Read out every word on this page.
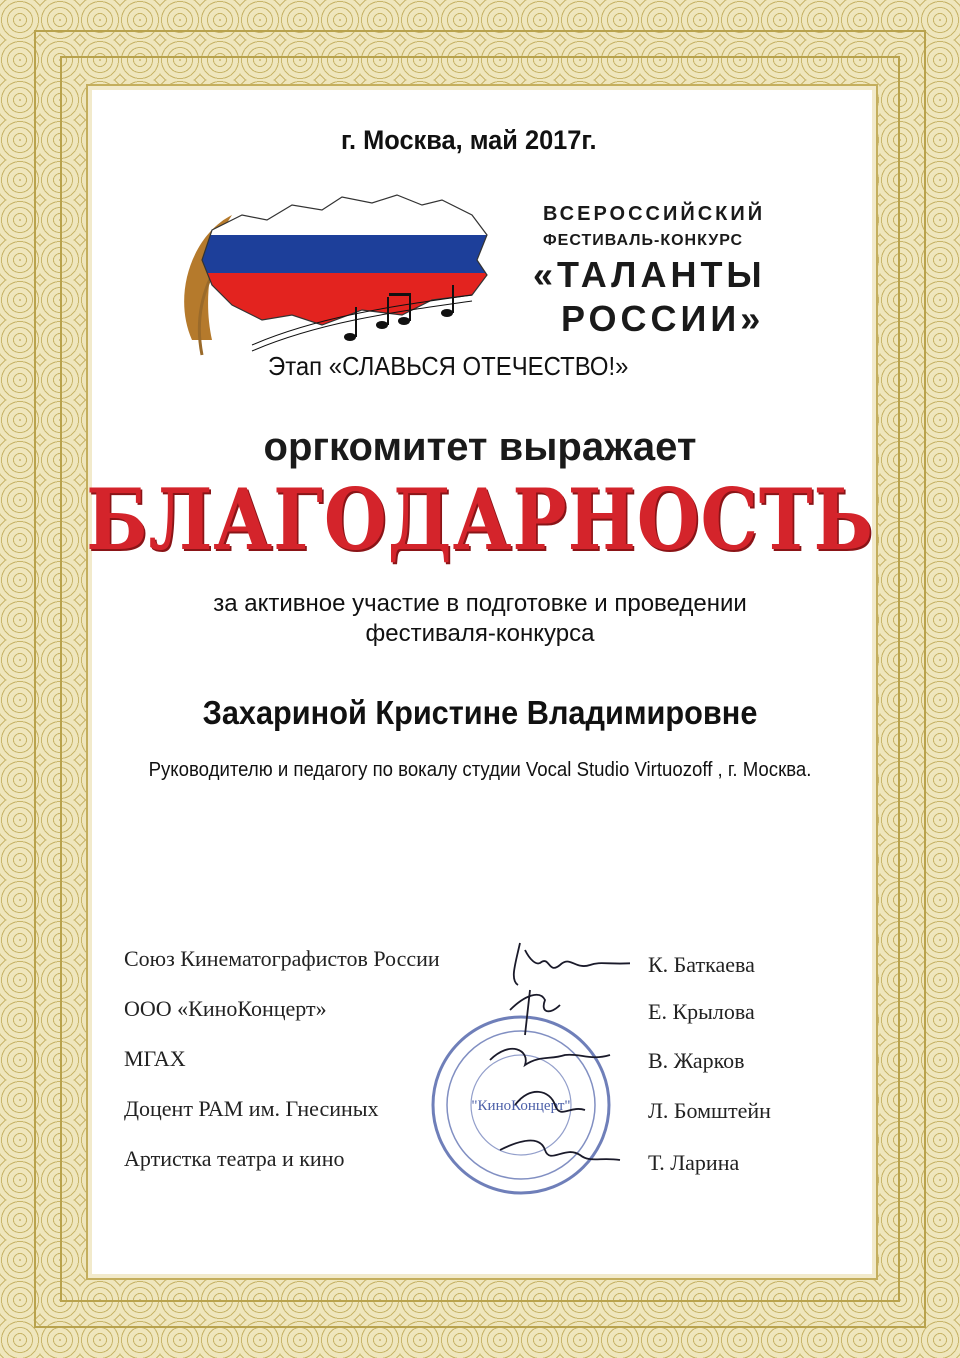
г. Москва, май 2017г.
ВСЕРОССИЙСКИЙ
ФЕСТИВАЛЬ-КОНКУРС
«ТАЛАНТЫ
РОССИИ»
Этап «СЛАВЬСЯ ОТЕЧЕСТВО!»
оргкомитет выражает
БЛАГОДАРНОСТЬ
за активное участие в подготовке и проведении
фестиваля-конкурса
Захариной Кристине Владимировне
Руководителю и педагогу по вокалу студии Vocal Studio Virtuozoff , г. Москва.
"КиноКонцерт"
Союз Кинематографистов России
ООО «КиноКонцерт»
МГАХ
Доцент РАМ им. Гнесиных
Артистка театра и кино
К. Баткаева
Е. Крылова
В. Жарков
Л. Бомштейн
Т. Ларина
